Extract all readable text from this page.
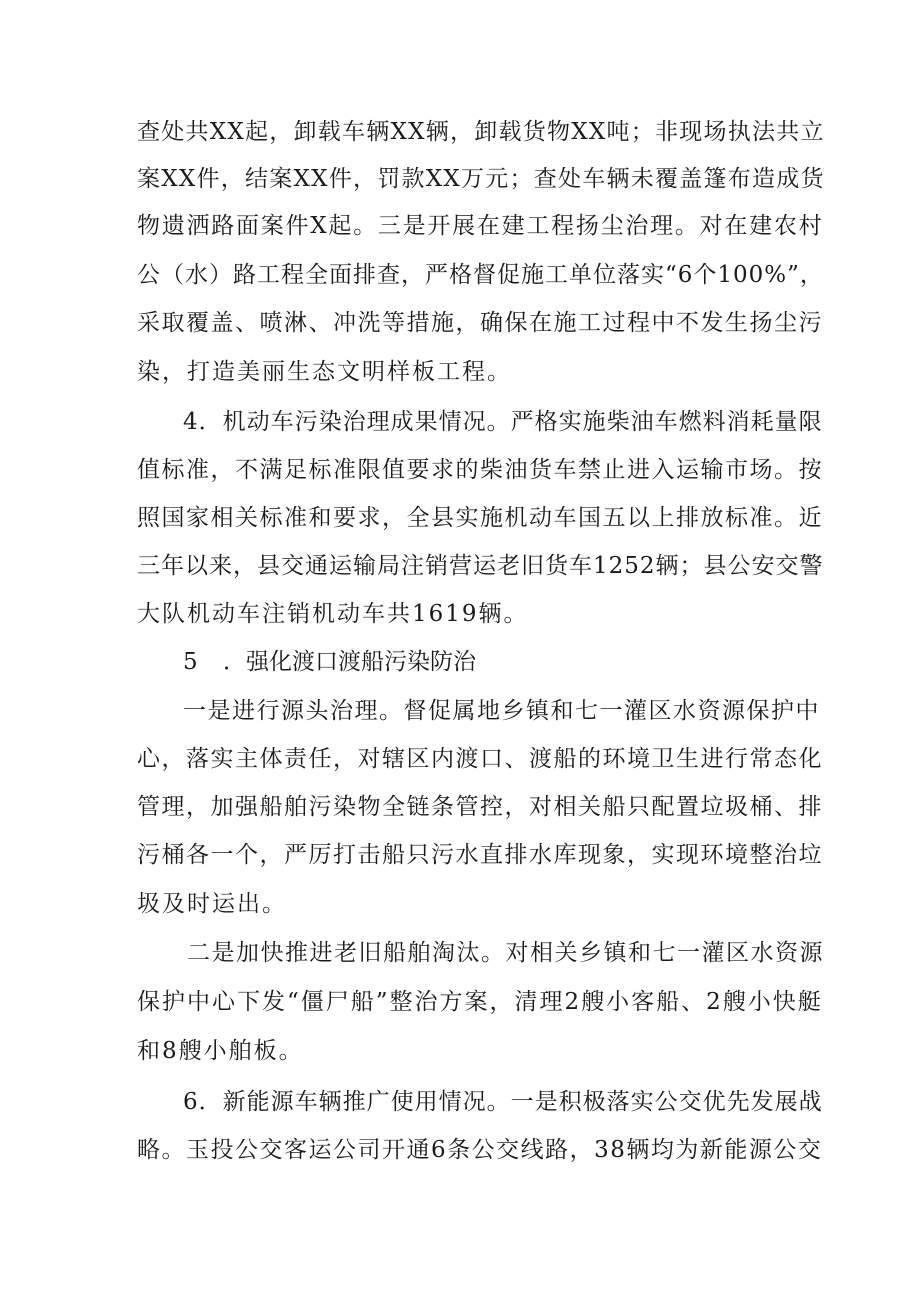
查处共XX起，卸载车辆XX辆，卸载货物XX吨；非现场执法共立
案XX件，结案XX件，罚款XX万元；查处车辆未覆盖篷布造成货
物遗洒路面案件X起。三是开展在建工程扬尘治理。对在建农村
公（水）路工程全面排查，严格督促施工单位落实“6个100%”，
采取覆盖、喷淋、冲洗等措施，确保在施工过程中不发生扬尘污
染，打造美丽生态文明样板工程。
4．机动车污染治理成果情况。严格实施柴油车燃料消耗量限
值标准，不满足标准限值要求的柴油货车禁止进入运输市场。按
照国家相关标准和要求，全县实施机动车国五以上排放标准。近
三年以来，县交通运输局注销营运老旧货车1252辆；县公安交警
大队机动车注销机动车共1619辆。
5 ．强化渡口渡船污染防治
一是进行源头治理。督促属地乡镇和七一灌区水资源保护中
心，落实主体责任，对辖区内渡口、渡船的环境卫生进行常态化
管理，加强船舶污染物全链条管控，对相关船只配置垃圾桶、排
污桶各一个，严厉打击船只污水直排水库现象，实现环境整治垃
圾及时运出。
二是加快推进老旧船舶淘汰。对相关乡镇和七一灌区水资源
保护中心下发“僵尸船”整治方案，清理2艘小客船、2艘小快艇
和8艘小舶板。
6．新能源车辆推广使用情况。一是积极落实公交优先发展战
略。玉投公交客运公司开通6条公交线路，38辆均为新能源公交
